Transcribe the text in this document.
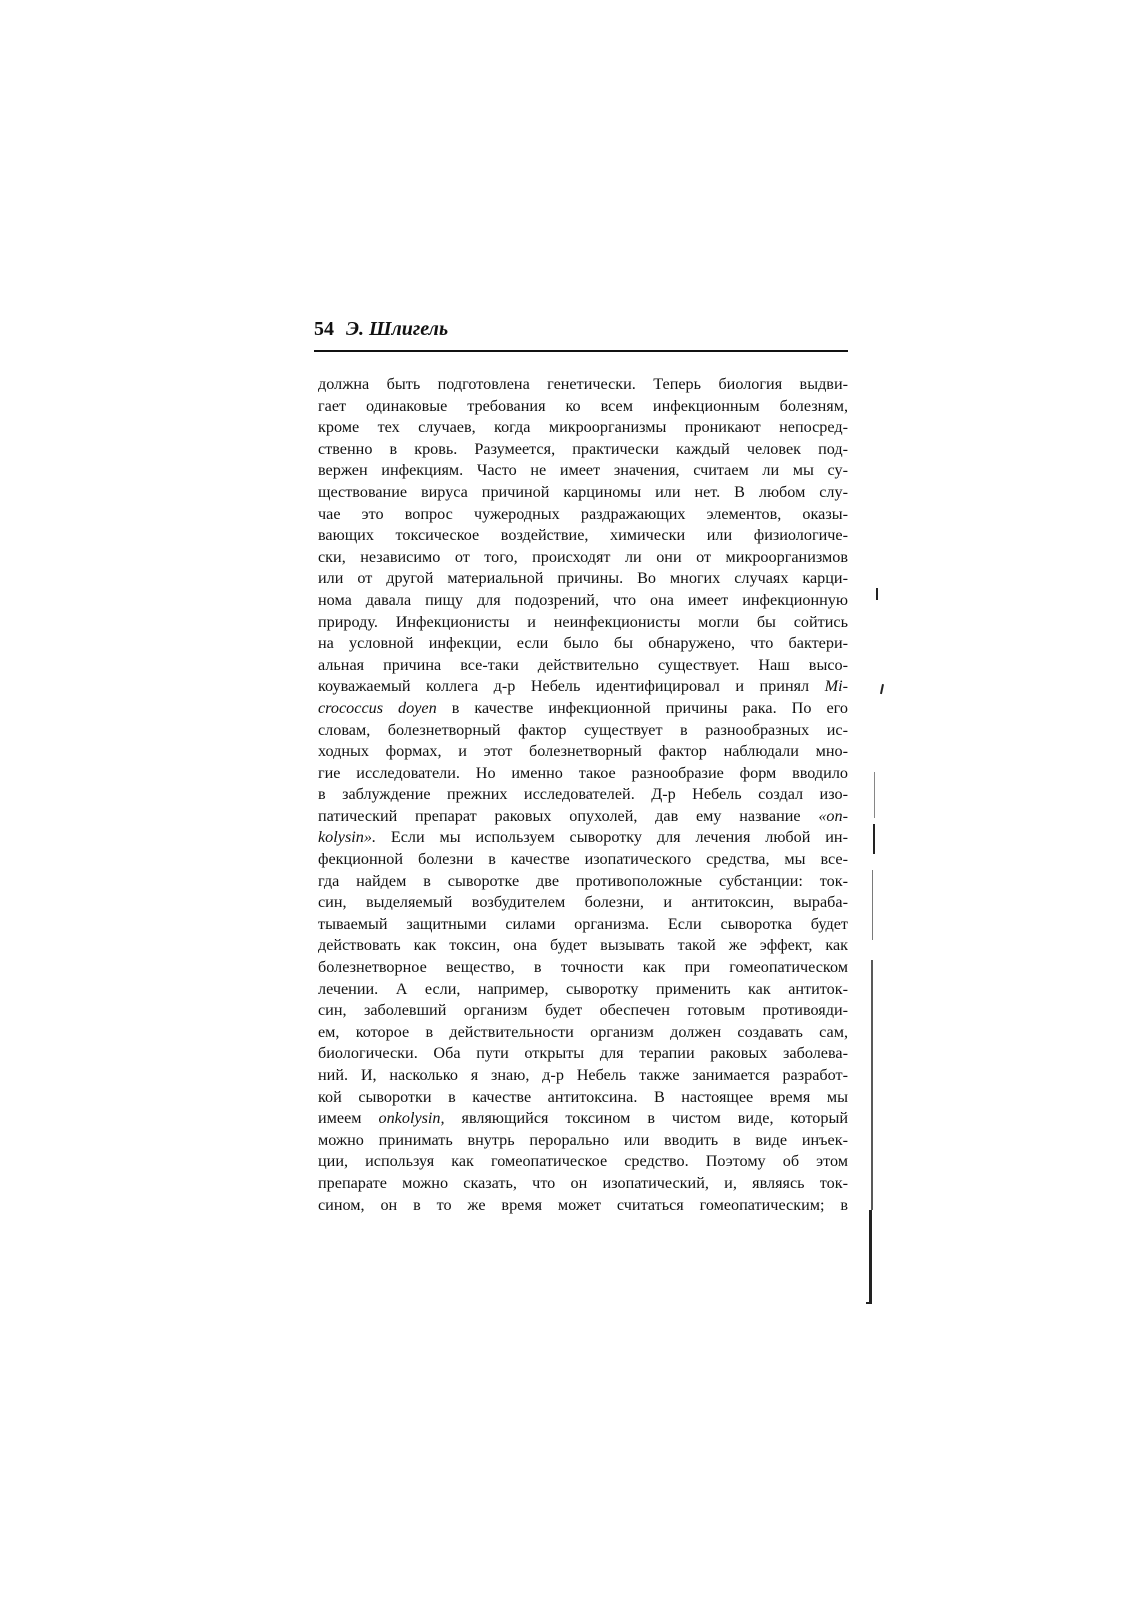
54 Э. Шлигель
должна быть подготовлена генетически. Теперь биология выдви-
гает одинаковые требования ко всем инфекционным болезням,
кроме тех случаев, когда микроорганизмы проникают непосред-
ственно в кровь. Разумеется, практически каждый человек под-
вержен инфекциям. Часто не имеет значения, считаем ли мы су-
ществование вируса причиной карциномы или нет. В любом слу-
чае это вопрос чужеродных раздражающих элементов, оказы-
вающих токсическое воздействие, химически или физиологиче-
ски, независимо от того, происходят ли они от микроорганизмов
или от другой материальной причины. Во многих случаях карци-
нома давала пищу для подозрений, что она имеет инфекционную
природу. Инфекционисты и неинфекционисты могли бы сойтись
на условной инфекции, если было бы обнаружено, что бактери-
альная причина все-таки действительно существует. Наш высо-
коуважаемый коллега д-р Небель идентифицировал и принял Mi-
crococcus doyen в качестве инфекционной причины рака. По его
словам, болезнетворный фактор существует в разнообразных ис-
ходных формах, и этот болезнетворный фактор наблюдали мно-
гие исследователи. Но именно такое разнообразие форм вводило
в заблуждение прежних исследователей. Д-р Небель создал изо-
патический препарат раковых опухолей, дав ему название «on-
kolysin». Если мы используем сыворотку для лечения любой ин-
фекционной болезни в качестве изопатического средства, мы все-
гда найдем в сыворотке две противоположные субстанции: ток-
син, выделяемый возбудителем болезни, и антитоксин, выраба-
тываемый защитными силами организма. Если сыворотка будет
действовать как токсин, она будет вызывать такой же эффект, как
болезнетворное вещество, в точности как при гомеопатическом
лечении. А если, например, сыворотку применить как антиток-
син, заболевший организм будет обеспечен готовым противояди-
ем, которое в действительности организм должен создавать сам,
биологически. Оба пути открыты для терапии раковых заболева-
ний. И, насколько я знаю, д-р Небель также занимается разработ-
кой сыворотки в качестве антитоксина. В настоящее время мы
имеем onkolysin, являющийся токсином в чистом виде, который
можно принимать внутрь перорально или вводить в виде инъек-
ции, используя как гомеопатическое средство. Поэтому об этом
препарате можно сказать, что он изопатический, и, являясь ток-
сином, он в то же время может считаться гомеопатическим; в
